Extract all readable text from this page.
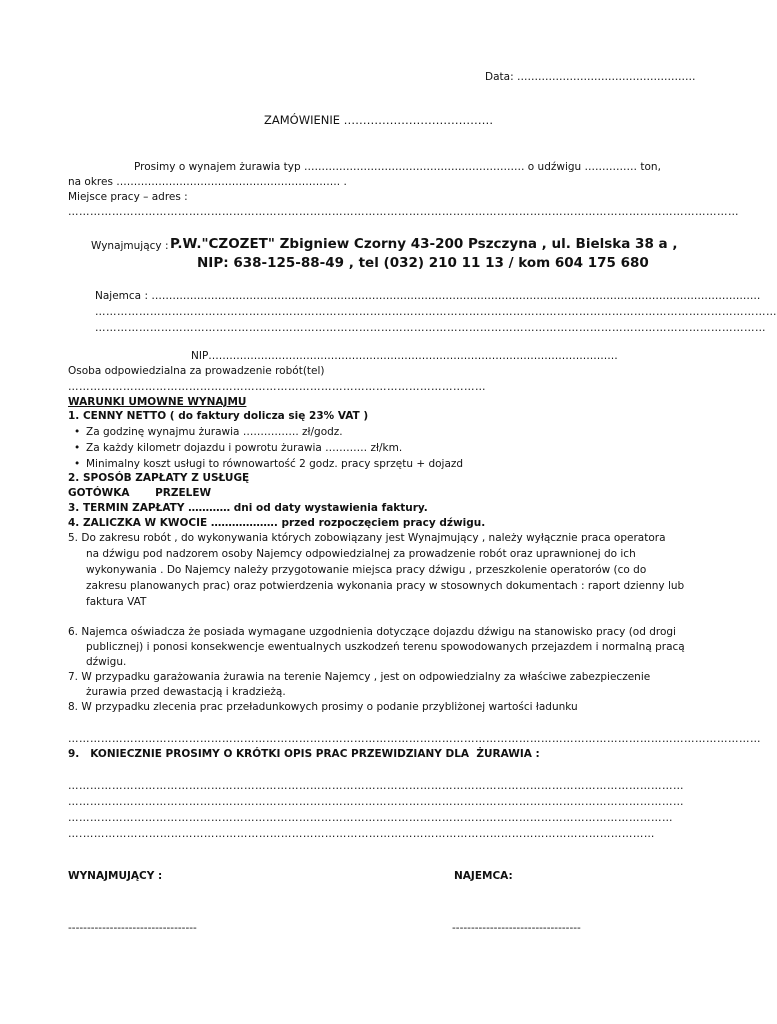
Data: ……………………………………………
ZAMÓWIENIE …………………………………
Prosimy o wynajem żurawia typ ……………………………………………………… o udźwigu …………… ton,
na okres ………………………………………………………. .
Miejsce pracy – adres :
…………………………………………………………………………………………………………………………………………………………………
Wynajmujący : P.W."CZOZET" Zbigniew Czorny 43-200 Pszczyna , ul. Bielska 38 a ,
NIP: 638-125-88-49 , tel (032) 210 11 13 / kom 604 175 680
Najemca : …………………………………………………………………………………………………………………………………………………………
……………………………………………………………………………………………………………………………………………………………………
…………………………………………………………………………………………………………………………………………………………………
NIP………………………………………………………………………………………………………
Osoba odpowiedzialna za prowadzenie robót(tel)
……………………………………………………………………………………………………
WARUNKI UMOWNE WYNAJMU
1. CENNY NETTO ( do faktury dolicza się 23% VAT )
• Za godzinę wynajmu żurawia ……………. zł/godz.
• Za każdy kilometr dojazdu i powrotu żurawia ………… zł/km.
• Minimalny koszt usługi to równowartość 2 godz. pracy sprzętu + dojazd
2. SPOSÓB ZAPŁATY Z USŁUGĘ
GOTÓWKA       PRZELEW
3. TERMIN ZAPŁATY ………… dni od daty wystawienia faktury.
4. ZALICZKA W KWOCIE ………………. przed rozpoczęciem pracy dźwigu.
5. Do zakresu robót , do wykonywania których zobowiązany jest Wynajmujący , należy wyłącznie praca operatora
na dźwigu pod nadzorem osoby Najemcy odpowiedzialnej za prowadzenie robót oraz uprawnionej do ich
wykonywania . Do Najemcy należy przygotowanie miejsca pracy dźwigu , przeszkolenie operatorów (co do
zakresu planowanych prac) oraz potwierdzenia wykonania pracy w stosownych dokumentach : raport dzienny lub
faktura VAT
6. Najemca oświadcza że posiada wymagane uzgodnienia dotyczące dojazdu dźwigu na stanowisko pracy (od drogi
publicznej) i ponosi konsekwencje ewentualnych uszkodzeń terenu spowodowanych przejazdem i normalną pracą
dźwigu.
7. W przypadku garażowania żurawia na terenie Najemcy , jest on odpowiedzialny za właściwe zabezpieczenie
żurawia przed dewastacją i kradzieżą.
8. W przypadku zlecenia prac przeładunkowych prosimy o podanie przybliżonej wartości ładunku
………………………………………………………………………………………………………………………………………………………………………
9.   KONIECZNIE PROSIMY O KRÓTKI OPIS PRAC PRZEWIDZIANY DLA  ŻURAWIA :
……………………………………………………………………………………………………………………………………………………
……………………………………………………………………………………………………………………………………………………
…………………………………………………………………………………………………………………………………………………
….…………………………………………………………………………………………………………………………………………
WYNAJMUJĄCY :	NAJEMCA:
----------------------------------	----------------------------------
